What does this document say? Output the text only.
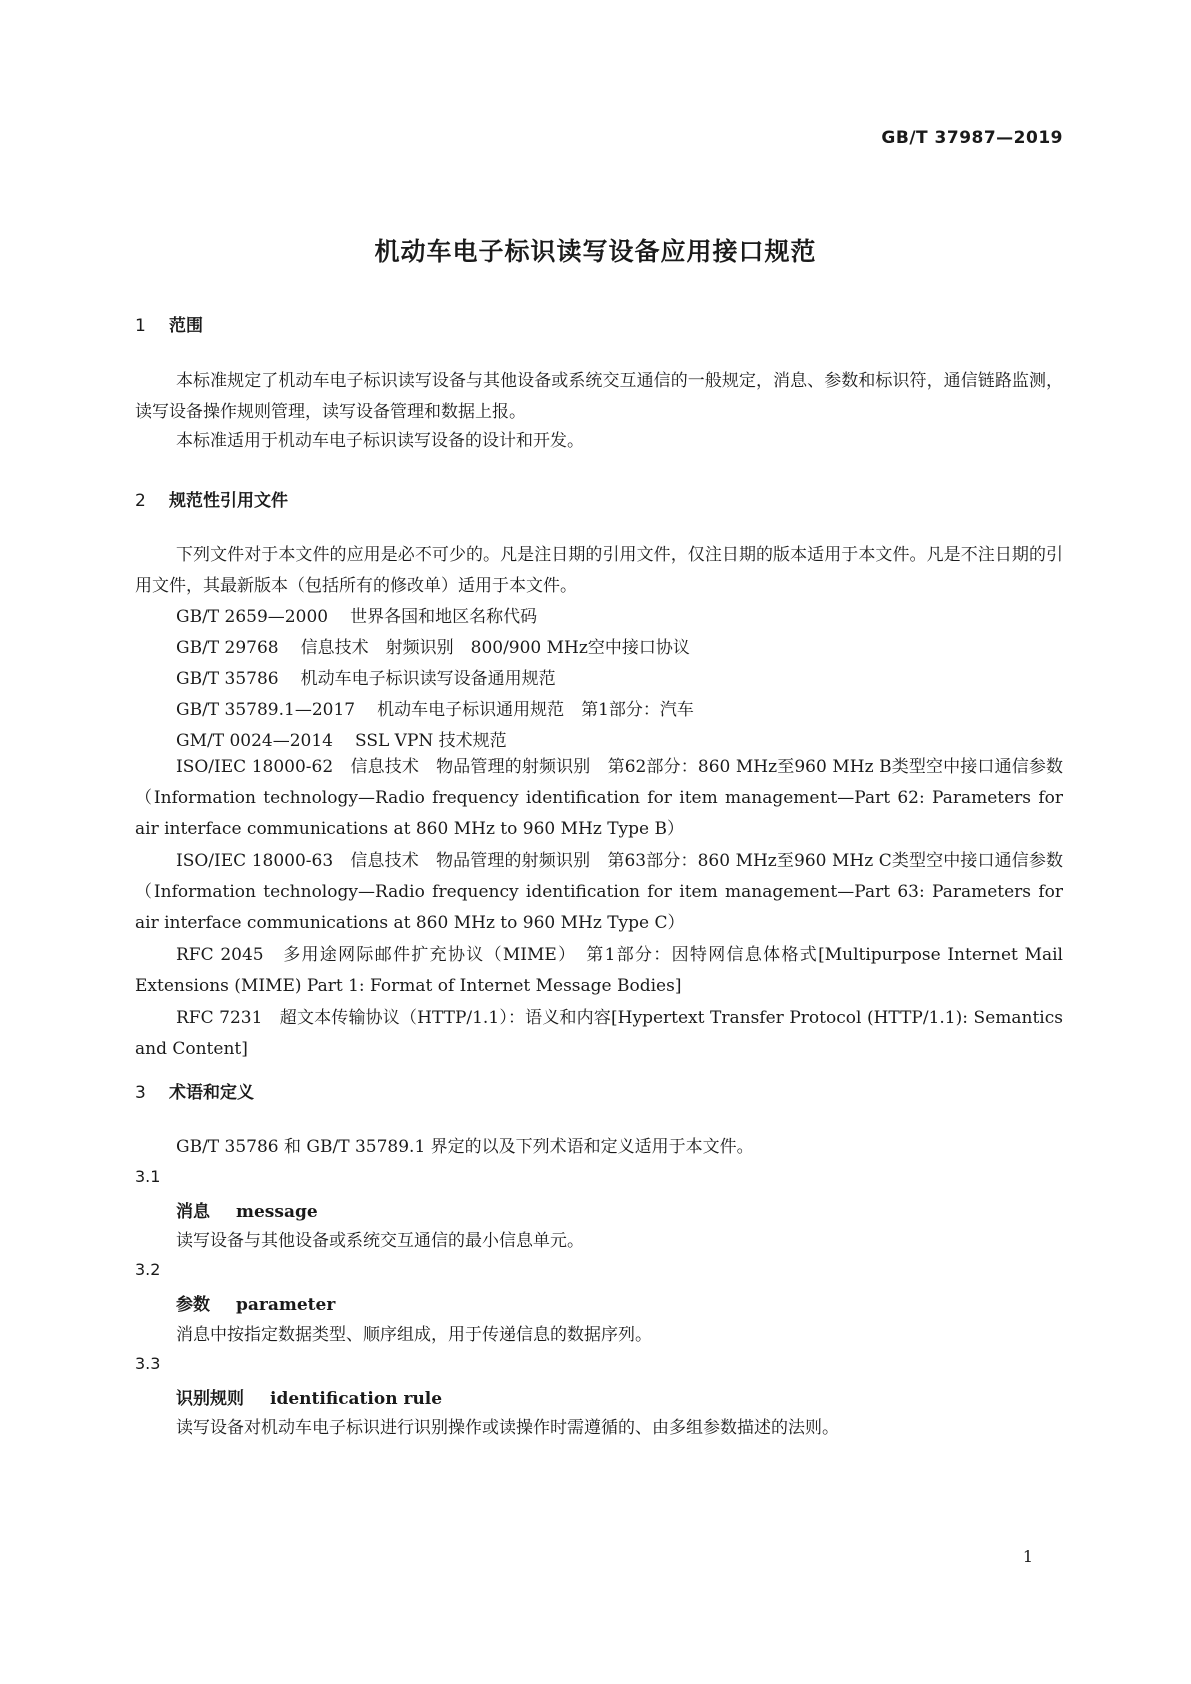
GB/T 37987—2019
机动车电子标识读写设备应用接口规范
1 范围
本标准规定了机动车电子标识读写设备与其他设备或系统交互通信的一般规定，消息、参数和标识符，通信链路监测，读写设备操作规则管理，读写设备管理和数据上报。
本标准适用于机动车电子标识读写设备的设计和开发。
2 规范性引用文件
下列文件对于本文件的应用是必不可少的。凡是注日期的引用文件，仅注日期的版本适用于本文件。凡是不注日期的引用文件，其最新版本（包括所有的修改单）适用于本文件。
GB/T 2659—2000 世界各国和地区名称代码
GB/T 29768 信息技术　射频识别　800/900 MHz空中接口协议
GB/T 35786 机动车电子标识读写设备通用规范
GB/T 35789.1—2017 机动车电子标识通用规范　第1部分：汽车
GM/T 0024—2014 SSL VPN 技术规范
ISO/IEC 18000-62　信息技术　物品管理的射频识别　第62部分：860 MHz至960 MHz B类型空中接口通信参数（Information technology—Radio frequency identification for item management—Part 62: Parameters for air interface communications at 860 MHz to 960 MHz Type B）
ISO/IEC 18000-63　信息技术　物品管理的射频识别　第63部分：860 MHz至960 MHz C类型空中接口通信参数（Information technology—Radio frequency identification for item management—Part 63: Parameters for air interface communications at 860 MHz to 960 MHz Type C）
RFC 2045　多用途网际邮件扩充协议（MIME）　第1部分：因特网信息体格式[Multipurpose Internet Mail Extensions (MIME) Part 1: Format of Internet Message Bodies]
RFC 7231　超文本传输协议（HTTP/1.1）：语义和内容[Hypertext Transfer Protocol (HTTP/1.1): Semantics and Content]
3 术语和定义
GB/T 35786 和 GB/T 35789.1 界定的以及下列术语和定义适用于本文件。
3.1
消息 message
读写设备与其他设备或系统交互通信的最小信息单元。
3.2
参数 parameter
消息中按指定数据类型、顺序组成，用于传递信息的数据序列。
3.3
识别规则 identification rule
读写设备对机动车电子标识进行识别操作或读操作时需遵循的、由多组参数描述的法则。
1
